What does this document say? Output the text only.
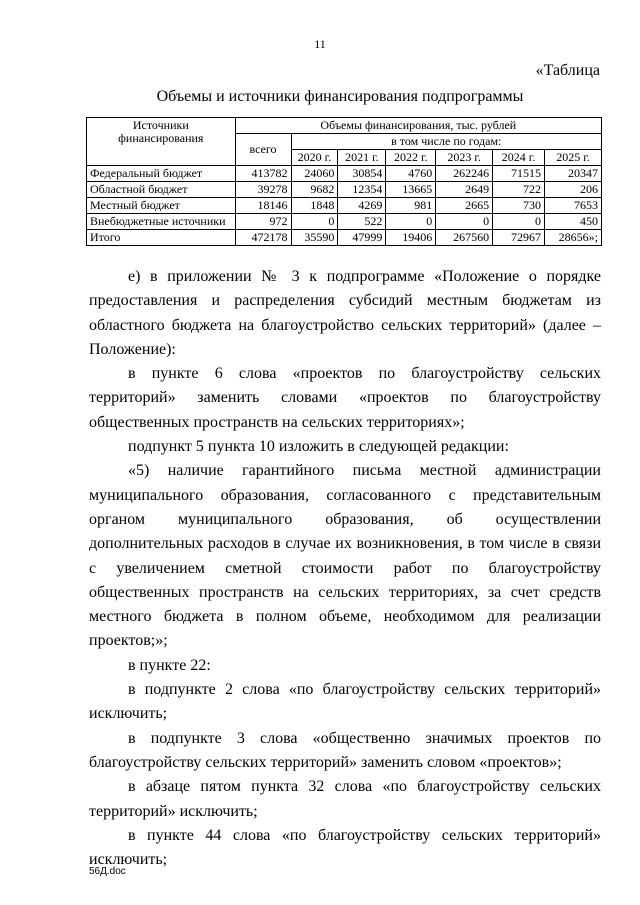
11
«Таблица
Объемы и источники финансирования подпрограммы
Источники финансирования	Объемы финансирования, тыс. рублей						
	всего	в том числе по годам:					
		2020 г.	2021 г.	2022 г.	2023 г.	2024 г.	2025 г.
Федеральный бюджет	413782	24060	30854	4760	262246	71515	20347
Областной бюджет	39278	9682	12354	13665	2649	722	206
Местный бюджет	18146	1848	4269	981	2665	730	7653
Внебюджетные источники	972	0	522	0	0	0	450
Итого	472178	35590	47999	19406	267560	72967	28656»;

е) в приложении № 3 к подпрограмме «Положение о порядке предоставления и распределения субсидий местным бюджетам из областного бюджета на благоустройство сельских территорий» (далее – Положение):

в пункте 6 слова «проектов по благоустройству сельских территорий» заменить словами «проектов по благоустройству общественных пространств на сельских территориях»;

подпункт 5 пункта 10 изложить в следующей редакции:

«5) наличие гарантийного письма местной администрации муниципального образования, согласованного с представительным органом муниципального образования, об осуществлении дополнительных расходов в случае их возникновения, в том числе в связи с увеличением сметной стоимости работ по благоустройству общественных пространств на сельских территориях, за счет средств местного бюджета в полном объеме, необходимом для реализации проектов;»;

в пункте 22:

в подпункте 2 слова «по благоустройству сельских территорий» исключить;

в подпункте 3 слова «общественно значимых проектов по благоустройству сельских территорий» заменить словом «проектов»;

в абзаце пятом пункта 32 слова «по благоустройству сельских территорий» исключить;

в пункте 44 слова «по благоустройству сельских территорий» исключить;

56Д.doc
